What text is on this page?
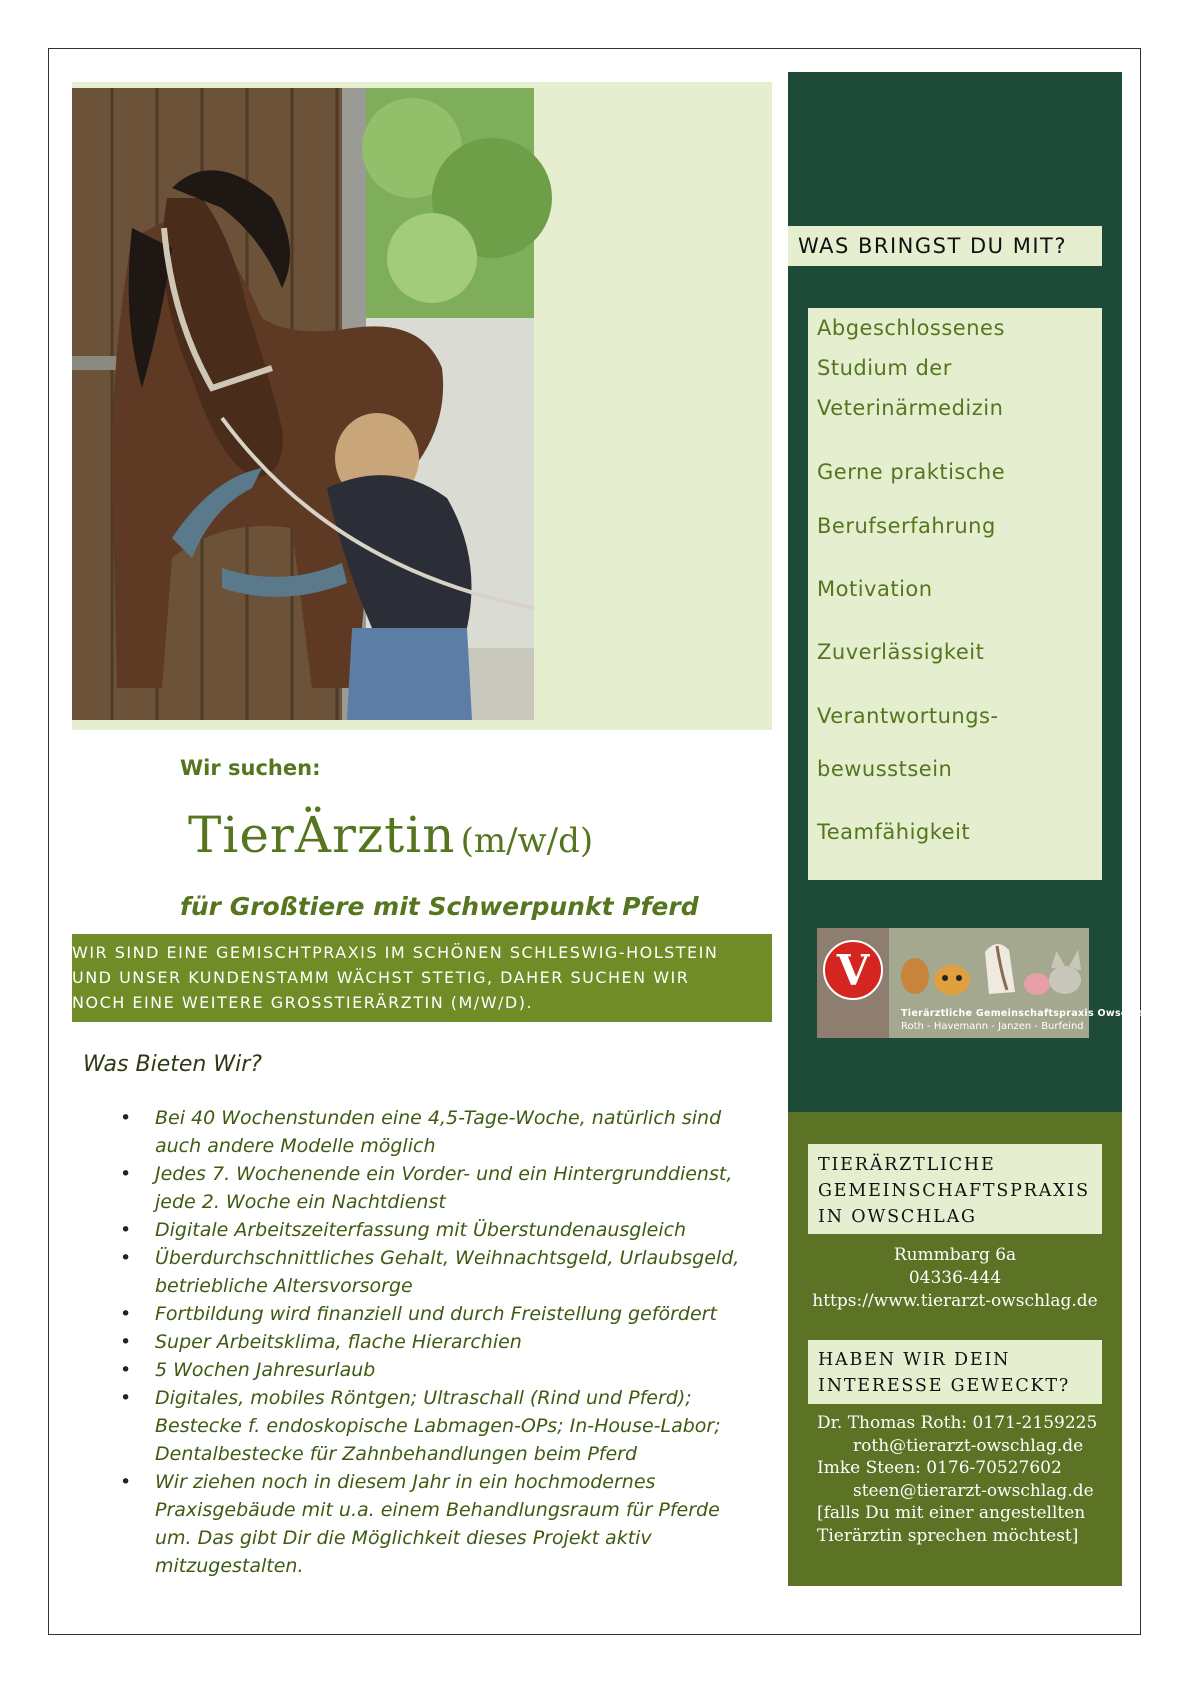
Wir suchen:
TierÄrztin (m/w/d)
für Großtiere mit Schwerpunkt Pferd
WIR SIND EINE GEMISCHTPRAXIS IM SCHÖNEN SCHLESWIG-HOLSTEIN
UND UNSER KUNDENSTAMM WÄCHST STETIG, DAHER SUCHEN WIR
NOCH EINE WEITERE GROSSTIERÄRZTIN (M/W/D).
Was Bieten Wir?
• Bei 40 Wochenstunden eine 4,5-Tage-Woche, natürlich sind auch andere Modelle möglich
• Jedes 7. Wochenende ein Vorder- und ein Hintergrunddienst, jede 2. Woche ein Nachtdienst
• Digitale Arbeitszeiterfassung mit Überstundenausgleich
• Überdurchschnittliches Gehalt, Weihnachtsgeld, Urlaubsgeld, betriebliche Altersvorsorge
• Fortbildung wird finanziell und durch Freistellung gefördert
• Super Arbeitsklima, flache Hierarchien
• 5 Wochen Jahresurlaub
• Digitales, mobiles Röntgen; Ultraschall (Rind und Pferd); Bestecke f. endoskopische Labmagen-OPs; In-House-Labor; Dentalbestecke für Zahnbehandlungen beim Pferd
• Wir ziehen noch in diesem Jahr in ein hochmodernes Praxisgebäude mit u.a. einem Behandlungsraum für Pferde um. Das gibt Dir die Möglichkeit dieses Projekt aktiv mitzugestalten.
WAS BRINGST DU MIT?
Abgeschlossenes
Studium der
Veterinärmedizin
Gerne praktische
Berufserfahrung
Motivation
Zuverlässigkeit
Verantwortungs-
bewusstsein
Teamfähigkeit
V
Tierärztliche Gemeinschaftspraxis Owschlag
Roth - Havemann - Janzen - Burfeind
TIERÄRZTLICHE
GEMEINSCHAFTSPRAXIS
IN OWSCHLAG
Rummbarg 6a
04336-444
https://www.tierarzt-owschlag.de
HABEN WIR DEIN
INTERESSE GEWECKT?
Dr. Thomas Roth: 0171-2159225
roth@tierarzt-owschlag.de
Imke Steen: 0176-70527602
steen@tierarzt-owschlag.de
[falls Du mit einer angestellten
Tierärztin sprechen möchtest]
